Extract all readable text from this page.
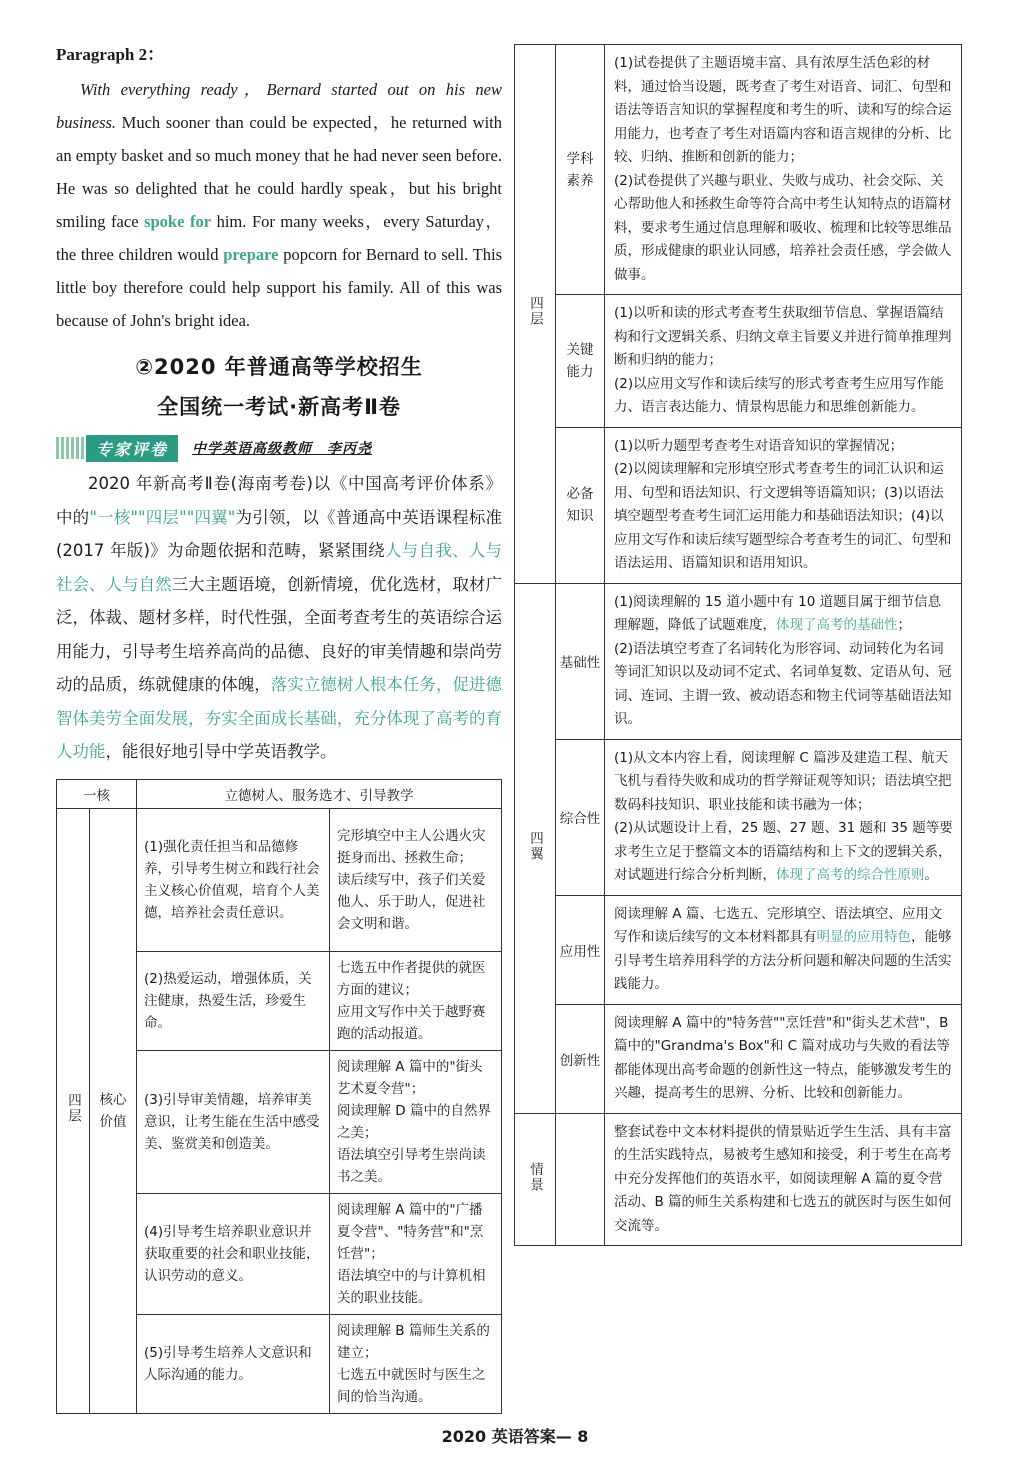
Paragraph 2：

With everything ready，Bernard started out on his new business. Much sooner than could be expected，he returned with an empty basket and so much money that he had never seen before. He was so delighted that he could hardly speak，but his bright smiling face spoke for him. For many weeks，every Saturday，the three children would prepare popcorn for Bernard to sell. This little boy therefore could help support his family. All of this was because of John's bright idea.

②2020 年普通高等学校招生
全国统一考试·新高考Ⅱ卷
专家评卷	中学英语高级教师　李丙尧

2020 年新高考Ⅱ卷(海南考卷)以《中国高考评价体系》中的"一核""四层""四翼"为引领，以《普通高中英语课程标准(2017 年版)》为命题依据和范畴，紧紧围绕人与自我、人与社会、人与自然三大主题语境，创新情境，优化选材，取材广泛，体裁、题材多样，时代性强，全面考查考生的英语综合运用能力，引导考生培养高尚的品德、良好的审美情趣和崇尚劳动的品质，练就健康的体魄，落实立德树人根本任务，促进德智体美劳全面发展，夯实全面成长基础，充分体现了高考的育人功能，能很好地引导中学英语教学。

一核		立德树人、服务选才、引导教学	
四层	核心价值	(1)强化责任担当和品德修养，引导考生树立和践行社会主义核心价值观，培育个人美德，培养社会责任意识。	完形填空中主人公遇火灾挺身而出、拯救生命；
读后续写中，孩子们关爱他人、乐于助人，促进社会文明和谐。

		(2)热爱运动，增强体质，关注健康，热爱生活，珍爱生命。	七选五中作者提供的就医方面的建议；
应用文写作中关于越野赛跑的活动报道。

		(3)引导审美情趣，培养审美意识，让考生能在生活中感受美、鉴赏美和创造美。	阅读理解 A 篇中的"街头艺术夏令营"；
阅读理解 D 篇中的自然界之美；
语法填空引导考生崇尚读书之美。

		(4)引导考生培养职业意识并获取重要的社会和职业技能，认识劳动的意义。	阅读理解 A 篇中的"广播夏令营"、"特务营"和"烹饪营"；
语法填空中的与计算机相关的职业技能。

		(5)引导考生培养人文意识和人际沟通的能力。	阅读理解 B 篇师生关系的建立；
七选五中就医时与医生之间的恰当沟通。
四层	学科素养	(1)试卷提供了主题语境丰富、具有浓厚生活色彩的材料，通过恰当设题，既考查了考生对语音、词汇、句型和语法等语言知识的掌握程度和考生的听、读和写的综合运用能力，也考查了考生对语篇内容和语言规律的分析、比较、归纳、推断和创新的能力；
(2)试卷提供了兴趣与职业、失败与成功、社会交际、关心帮助他人和拯救生命等符合高中考生认知特点的语篇材料，要求考生通过信息理解和吸收、梳理和比较等思维品质，形成健康的职业认同感，培养社会责任感，学会做人做事。

	关键能力	(1)以听和读的形式考查考生获取细节信息、掌握语篇结构和行文逻辑关系、归纳文章主旨要义并进行简单推理判断和归纳的能力；
(2)以应用文写作和读后续写的形式考查考生应用写作能力、语言表达能力、情景构思能力和思维创新能力。

	必备知识	(1)以听力题型考查考生对语音知识的掌握情况；
(2)以阅读理解和完形填空形式考查考生的词汇认识和运用、句型和语法知识、行文逻辑等语篇知识；(3)以语法填空题型考查考生词汇运用能力和基础语法知识；(4)以应用文写作和读后续写题型综合考查考生的词汇、句型和语法运用、语篇知识和语用知识。

四翼	基础性	(1)阅读理解的 15 道小题中有 10 道题目属于细节信息理解题，降低了试题难度，体现了高考的基础性；
(2)语法填空考查了名词转化为形容词、动词转化为名词等词汇知识以及动词不定式、名词单复数、定语从句、冠词、连词、主谓一致、被动语态和物主代词等基础语法知识。

	综合性	(1)从文本内容上看，阅读理解 C 篇涉及建造工程、航天飞机与看待失败和成功的哲学辩证观等知识；语法填空把数码科技知识、职业技能和读书融为一体；
(2)从试题设计上看，25 题、27 题、31 题和 35 题等要求考生立足于整篇文本的语篇结构和上下文的逻辑关系，对试题进行综合分析判断，体现了高考的综合性原则。

	应用性	阅读理解 A 篇、七选五、完形填空、语法填空、应用文写作和读后续写的文本材料都具有明显的应用特色，能够引导考生培养用科学的方法分析问题和解决问题的生活实践能力。

	创新性	阅读理解 A 篇中的"特务营""烹饪营"和"街头艺术营"，B 篇中的"Grandma's Box"和 C 篇对成功与失败的看法等都能体现出高考命题的创新性这一特点，能够激发考生的兴趣，提高考生的思辨、分析、比较和创新能力。

情景		整套试卷中文本材料提供的情景贴近学生生活、具有丰富的生活实践特点，易被考生感知和接受，利于考生在高考中充分发挥他们的英语水平，如阅读理解 A 篇的夏令营活动、B 篇的师生关系构建和七选五的就医时与医生如何交流等。
2020 英语答案— 8
